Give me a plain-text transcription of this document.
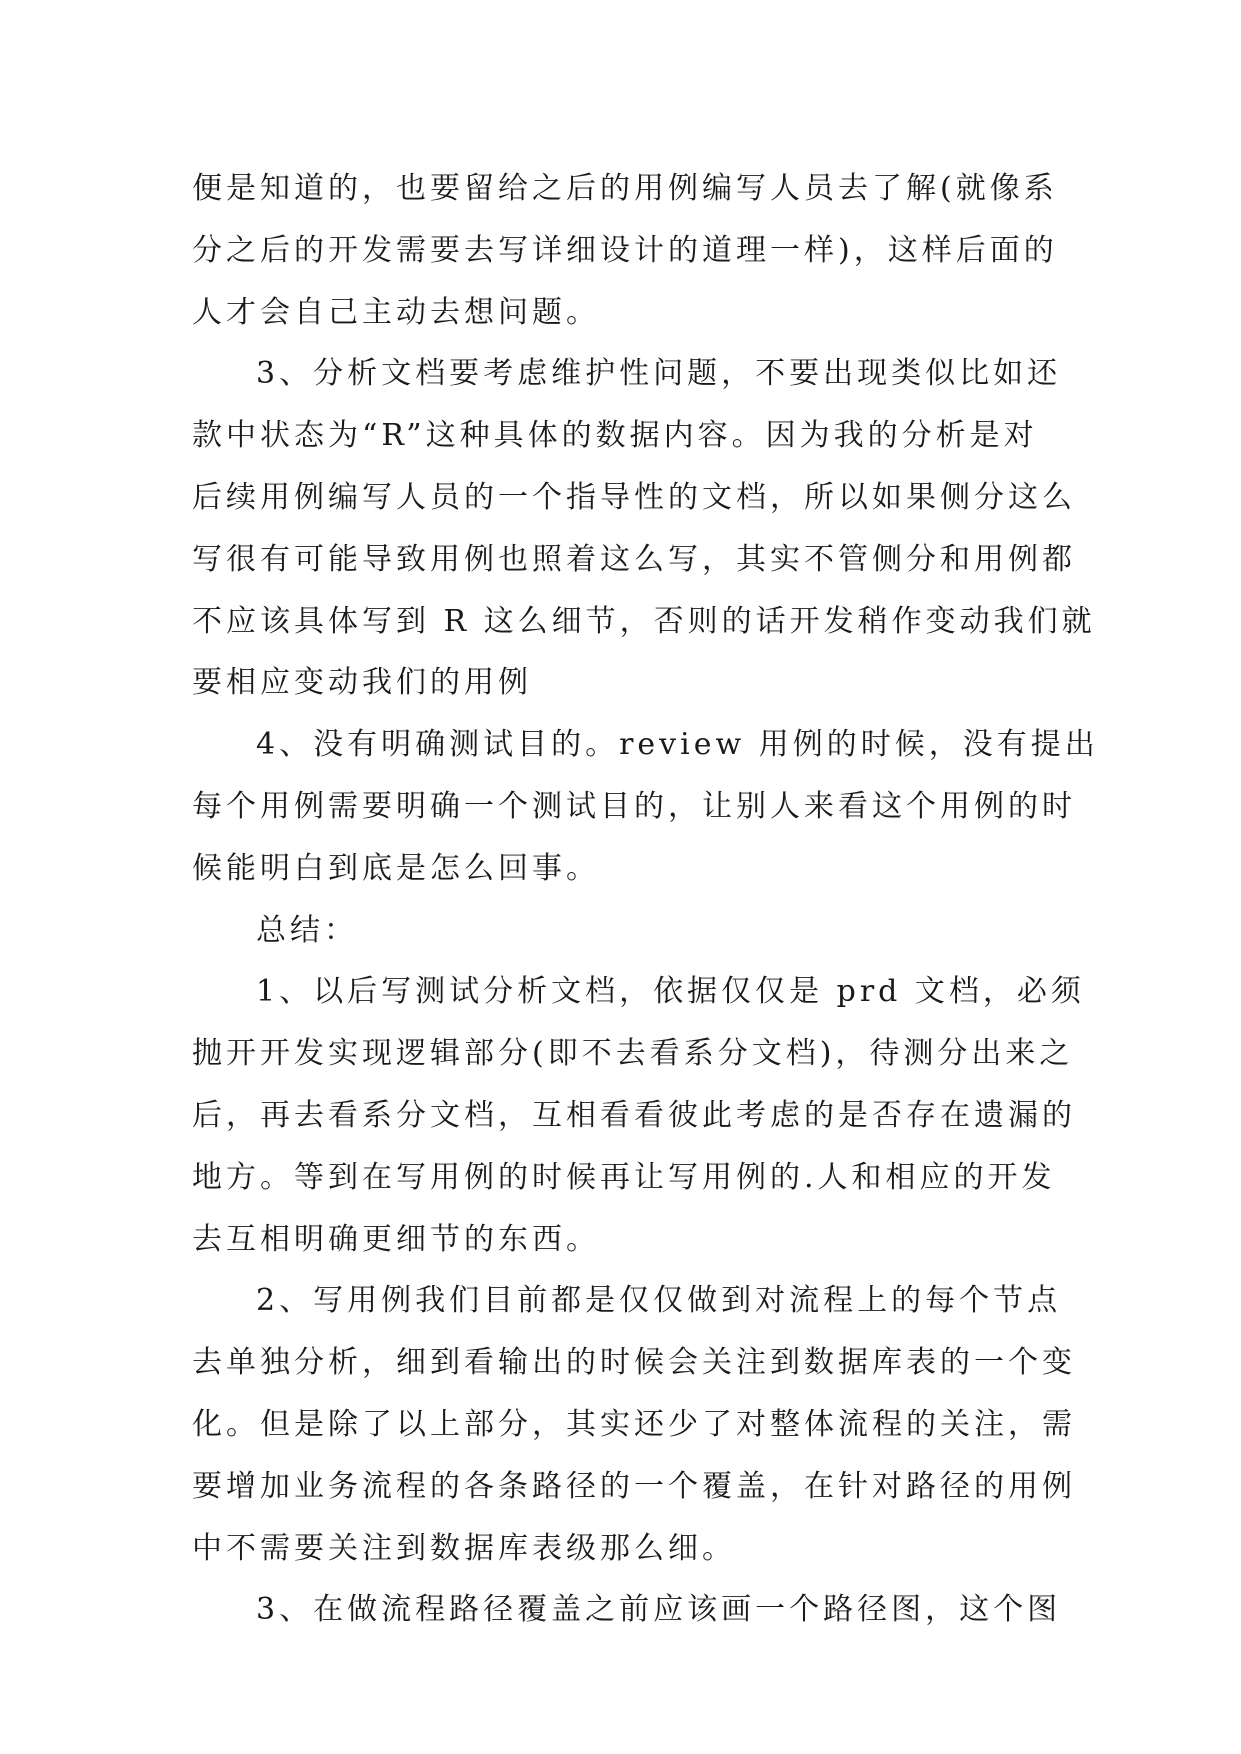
便是知道的，也要留给之后的用例编写人员去了解(就像系
分之后的开发需要去写详细设计的道理一样)，这样后面的
人才会自己主动去想问题。
3、分析文档要考虑维护性问题，不要出现类似比如还
款中状态为“R”这种具体的数据内容。因为我的分析是对
后续用例编写人员的一个指导性的文档，所以如果侧分这么
写很有可能导致用例也照着这么写，其实不管侧分和用例都
不应该具体写到 R 这么细节，否则的话开发稍作变动我们就
要相应变动我们的用例
4、没有明确测试目的。review 用例的时候，没有提出
每个用例需要明确一个测试目的，让别人来看这个用例的时
候能明白到底是怎么回事。
总结：
1、以后写测试分析文档，依据仅仅是 prd 文档，必须
抛开开发实现逻辑部分(即不去看系分文档)，待测分出来之
后，再去看系分文档，互相看看彼此考虑的是否存在遗漏的
地方。等到在写用例的时候再让写用例的.人和相应的开发
去互相明确更细节的东西。
2、写用例我们目前都是仅仅做到对流程上的每个节点
去单独分析，细到看输出的时候会关注到数据库表的一个变
化。但是除了以上部分，其实还少了对整体流程的关注，需
要增加业务流程的各条路径的一个覆盖，在针对路径的用例
中不需要关注到数据库表级那么细。
3、在做流程路径覆盖之前应该画一个路径图，这个图
